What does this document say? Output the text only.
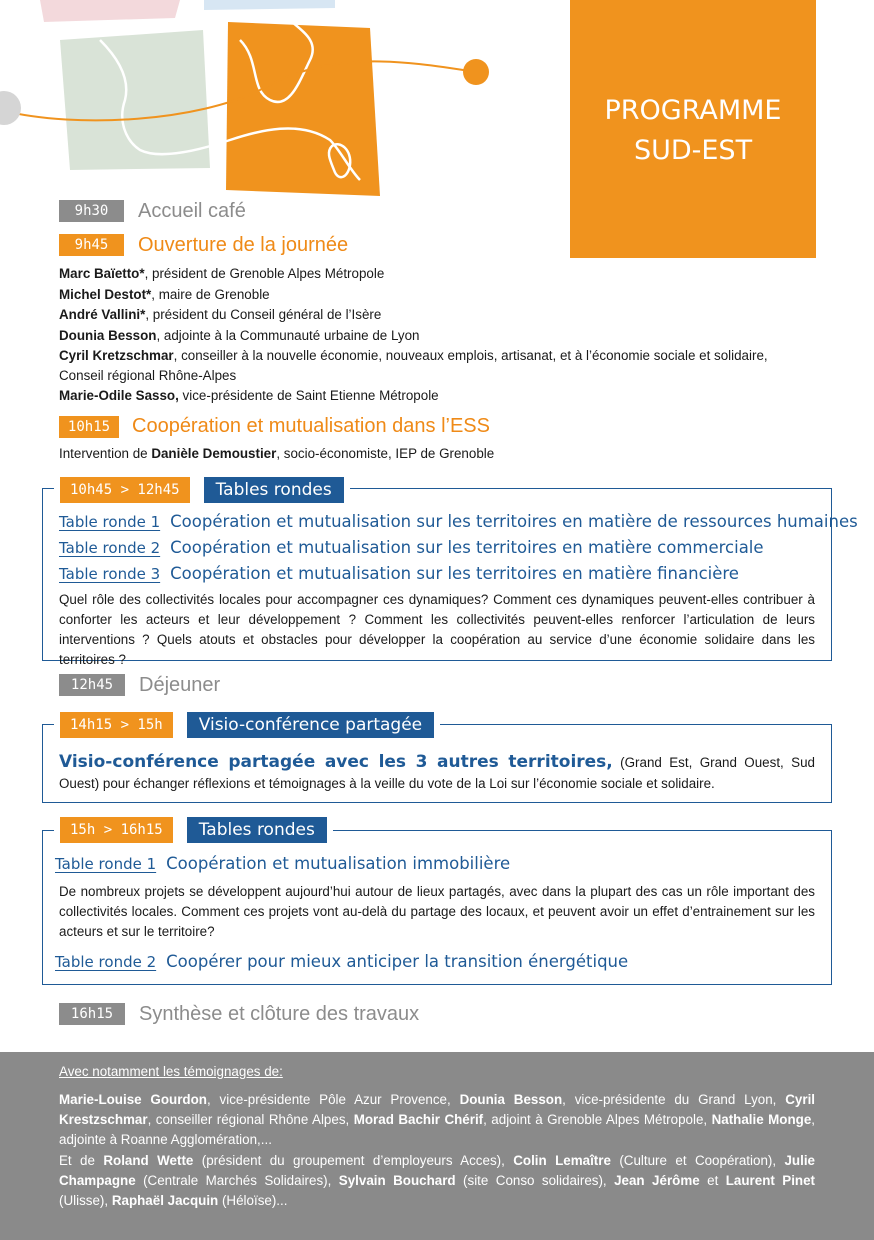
PROGRAMME
SUD-EST
9h30	Accueil café
9h45	Ouverture de la journée
Marc Baïetto*, président de Grenoble Alpes Métropole
Michel Destot*, maire de Grenoble
André Vallini*, président du Conseil général de l’Isère
Dounia Besson, adjointe à la Communauté urbaine de Lyon
Cyril Kretzschmar, conseiller à la nouvelle économie, nouveaux emplois, artisanat, et à l’économie sociale et solidaire,
Conseil régional Rhône-Alpes
Marie-Odile Sasso, vice-présidente de Saint Etienne Métropole
10h15	Coopération et mutualisation dans l’ESS
Intervention de Danièle Demoustier, socio-économiste, IEP de Grenoble
10h45 > 12h45	Tables rondes
Table ronde 1 Coopération et mutualisation sur les territoires en matière de ressources humaines
Table ronde 2 Coopération et mutualisation sur les territoires en matière commerciale
Table ronde 3 Coopération et mutualisation sur les territoires en matière financière
Quel rôle des collectivités locales pour accompagner ces dynamiques? Comment ces dynamiques peuvent-elles contribuer à conforter les acteurs et leur développement ? Comment les collectivités peuvent-elles renforcer l’articulation de leurs interventions ? Quels atouts et obstacles pour développer la coopération au service d’une économie solidaire dans les territoires ?
12h45	Déjeuner
14h15 > 15h	Visio-conférence partagée
Visio-conférence partagée avec les 3 autres territoires, (Grand Est, Grand Ouest, Sud Ouest) pour échanger réflexions et témoignages à la veille du vote de la Loi sur l’économie sociale et solidaire.
15h > 16h15	Tables rondes
Table ronde 1 Coopération et mutualisation immobilière
De nombreux projets se développent aujourd’hui autour de lieux partagés, avec dans la plupart des cas un rôle important des collectivités locales. Comment ces projets vont au-delà du partage des locaux, et peuvent avoir un effet d’entrainement sur les acteurs et sur le territoire?
Table ronde 2 Coopérer pour mieux anticiper la transition énergétique
16h15	Synthèse et clôture des travaux
Avec notamment les témoignages de:
Marie-Louise Gourdon, vice-présidente Pôle Azur Provence, Dounia Besson, vice-présidente du Grand Lyon, Cyril Krestzschmar, conseiller régional Rhône Alpes, Morad Bachir Chérif, adjoint à Grenoble Alpes Métropole, Nathalie Monge, adjointe à Roanne Agglomération,...
Et de Roland Wette (président du groupement d’employeurs Acces), Colin Lemaître (Culture et Coopération), Julie Champagne (Centrale Marchés Solidaires), Sylvain Bouchard (site Conso solidaires), Jean Jérôme et Laurent Pinet (Ulisse), Raphaël Jacquin (Héloïse)...
